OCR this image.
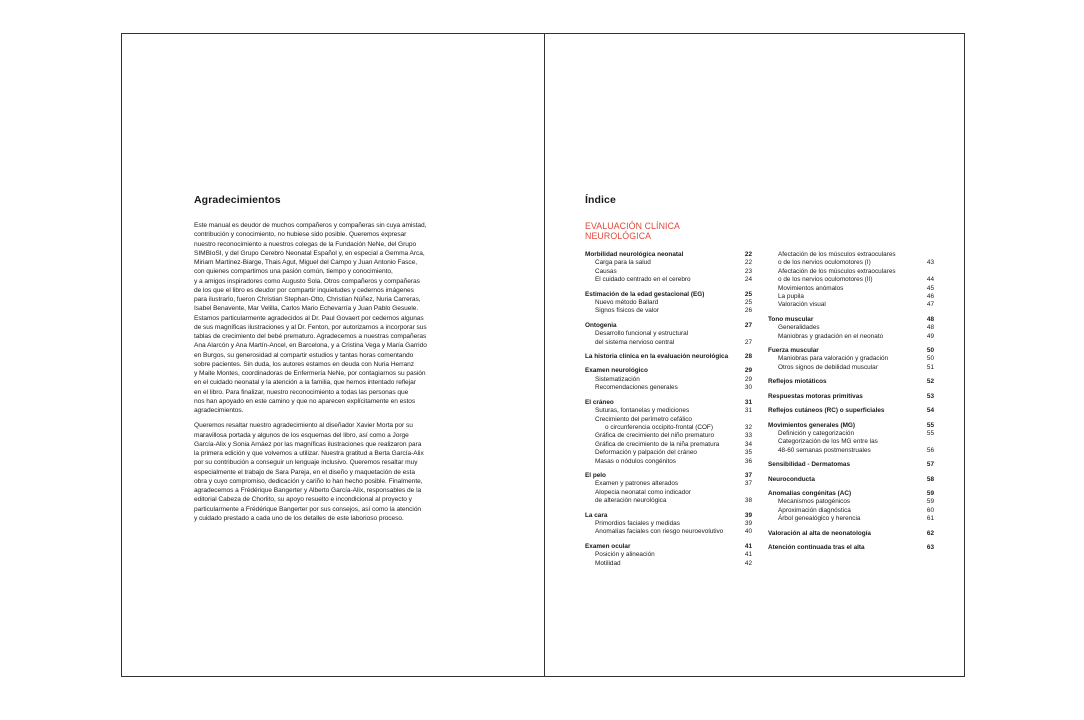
Agradecimientos

Este manual es deudor de muchos compañeros y compañeras sin cuya amistad,
contribución y conocimiento, no hubiese sido posible. Queremos expresar
nuestro reconocimiento a nuestros colegas de la Fundación NeNe, del Grupo
SIMBIoSI, y del Grupo Cerebro Neonatal Español y, en especial a Gemma Arca,
Miriam Martínez-Biarge, Thais Agut, Miguel del Campo y Juan Antonio Fasce,
con quienes compartimos una pasión común, tiempo y conocimiento,
y a amigos inspiradores como Augusto Sola. Otros compañeros y compañeras
de los que el libro es deudor por compartir inquietudes y cedernos imágenes
para ilustrarlo, fueron Christian Stephan-Otto, Christian Núñez, Nuria Carreras,
Isabel Benavente, Mar Velilla, Carlos Mario Echevarría y Juan Pablo Gesuele.
Estamos particularmente agradecidos al Dr. Paul Govaert por cedernos algunas
de sus magníficas ilustraciones y al Dr. Fenton, por autorizarnos a incorporar sus
tablas de crecimiento del bebé prematuro. Agradecemos a nuestras compañeras
Ana Alarcón y Ana Martín-Ancel, en Barcelona, y a Cristina Vega y María Garrido
en Burgos, su generosidad al compartir estudios y tantas horas comentando
sobre pacientes. Sin duda, los autores estamos en deuda con Nuria Herranz
y Maite Montes, coordinadoras de Enfermería NeNe, por contagiarnos su pasión
en el cuidado neonatal y la atención a la familia, que hemos intentado reflejar
en el libro. Para finalizar, nuestro reconocimiento a todas las personas que
nos han apoyado en este camino y que no aparecen explícitamente en estos
agradecimientos.

Queremos resaltar nuestro agradecimiento al diseñador Xavier Morta por su
maravillosa portada y algunos de los esquemas del libro, así como a Jorge
García-Alix y Sonia Arnáez por las magníficas ilustraciones que realizaron para
la primera edición y que volvemos a utilizar. Nuestra gratitud a Berta García-Alix
por su contribución a conseguir un lenguaje inclusivo. Queremos resaltar muy
especialmente el trabajo de Sara Pareja, en el diseño y maquetación de esta
obra y cuyo compromiso, dedicación y cariño lo han hecho posible. Finalmente,
agradecemos a Frédérique Bangerter y Alberto García-Alix, responsables de la
editorial Cabeza de Chorlito, su apoyo resuelto e incondicional al proyecto y
particularmente a Frédérique Bangerter por sus consejos, así como la atención
y cuidado prestado a cada uno de los detalles de este laborioso proceso.

Índice
EVALUACIÓN CLÍNICA
NEUROLÓGICA
Morbilidad neurológica neonatal	22
Carga para la salud	22
Causas	23
El cuidado centrado en el cerebro	24
Estimación de la edad gestacional (EG)	25
Nuevo método Ballard	25
Signos físicos de valor	26
Ontogenia	27
Desarrollo funcional y estructural
del sistema nervioso central	27
La historia clínica en la evaluación neurológica	28
Examen neurológico	29
Sistematización	29
Recomendaciones generales	30
El cráneo	31
Suturas, fontanelas y mediciones	31
Crecimiento del perímetro cefálico
o circunferencia occipito-frontal (COF)	32
Gráfica de crecimiento del niño prematuro	33
Gráfica de crecimiento de la niña prematura	34
Deformación y palpación del cráneo	35
Masas o nódulos congénitos	36
El pelo	37
Examen y patrones alterados	37
Alopecia neonatal como indicador
de alteración neurológica	38
La cara	39
Primordios faciales y medidas	39
Anomalías faciales con riesgo neuroevolutivo	40
Examen ocular	41
Posición y alineación	41
Motilidad	42
Afectación de los músculos extraoculares
o de los nervios oculomotores (I)	43
Afectación de los músculos extraoculares
o de los nervios oculomotores (II)	44
Movimientos anómalos	45
La pupila	46
Valoración visual	47
Tono muscular	48
Generalidades	48
Maniobras y gradación en el neonato	49
Fuerza muscular	50
Maniobras para valoración y gradación	50
Otros signos de debilidad muscular	51
Reflejos miotáticos	52
Respuestas motoras primitivas	53
Reflejos cutáneos (RC) o superficiales	54
Movimientos generales (MG)	55
Definición y categorización	55
Categorización de los MG entre las
48-60 semanas postmenstruales	56
Sensibilidad - Dermatomas	57
Neuroconducta	58
Anomalías congénitas (AC)	59
Mecanismos patogénicos	59
Aproximación diagnóstica	60
Árbol genealógico y herencia	61
Valoración al alta de neonatología	62
Atención continuada tras el alta	63
